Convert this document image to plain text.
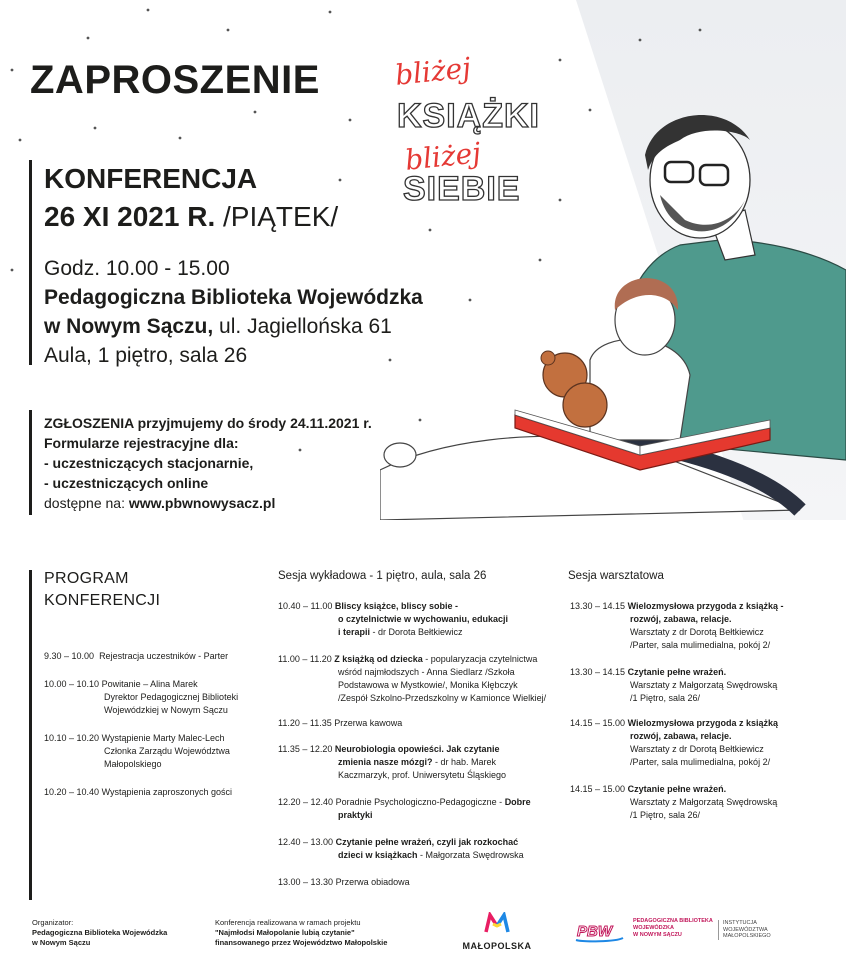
ZAPROSZENIE	bliżej
KSIĄŻKI
bliżej
SIEBIE
KONFERENCJA
26 XI 2021 R. /PIĄTEK/
Godz. 10.00 - 15.00
Pedagogiczna Biblioteka Wojewódzka
w Nowym Sączu, ul. Jagiellońska 61
Aula, 1 piętro, sala 26
ZGŁOSZENIA przyjmujemy do środy 24.11.2021 r.
Formularze rejestracyjne dla:
- uczestniczących stacjonarnie,
- uczestniczących online
dostępne na: www.pbwnowysacz.pl
PROGRAM
KONFERENCJI
9.30 – 10.00 Rejestracja uczestników - Parter
10.00 – 10.10 Powitanie – Alina Marek
Dyrektor Pedagogicznej Biblioteki
Wojewódzkiej w Nowym Sączu
10.10 – 10.20 Wystąpienie Marty Malec-Lech
Członka Zarządu Województwa
Małopolskiego
10.20 – 10.40 Wystąpienia zaproszonych gości
Sesja wykładowa - 1 piętro, aula, sala 26	Sesja warsztatowa
10.40 – 11.00 Bliscy książce, bliscy sobie -
o czytelnictwie w wychowaniu, edukacji
i terapii - dr Dorota Bełtkiewicz
11.00 – 11.20 Z książką od dziecka - popularyzacja czytelnictwa
wśród najmłodszych - Anna Siedlarz /Szkoła
Podstawowa w Mystkowie/, Monika Kłębczyk
/Zespół Szkolno-Przedszkolny w Kamionce Wielkiej/
11.20 – 11.35 Przerwa kawowa
11.35 – 12.20 Neurobiologia opowieści. Jak czytanie
zmienia nasze mózgi? - dr hab. Marek
Kaczmarzyk, prof. Uniwersytetu Śląskiego
12.20 – 12.40 Poradnie Psychologiczno-Pedagogiczne - Dobre
praktyki
12.40 – 13.00 Czytanie pełne wrażeń, czyli jak rozkochać
dzieci w książkach - Małgorzata Swędrowska
13.00 – 13.30 Przerwa obiadowa
13.30 – 14.15 Wielozmysłowa przygoda z książką -
rozwój, zabawa, relacje.
Warsztaty z dr Dorotą Bełtkiewicz
/Parter, sala mulimedialna, pokój 2/
13.30 – 14.15 Czytanie pełne wrażeń.
Warsztaty z Małgorzatą Swędrowską
/1 Piętro, sala 26/
14.15 – 15.00 Wielozmysłowa przygoda z książką
rozwój, zabawa, relacje.
Warsztaty z dr Dorotą Bełtkiewicz
/Parter, sala mulimedialna, pokój 2/
14.15 – 15.00 Czytanie pełne wrażeń.
Warsztaty z Małgorzatą Swędrowską
/1 Piętro, sala 26/
Organizator:
Pedagogiczna Biblioteka Wojewódzka
w Nowym Sączu
Konferencja realizowana w ramach projektu
"Najmłodsi Małopolanie lubią czytanie"
finansowanego przez Województwo Małopolskie	MAŁOPOLSKA
PBW
PEDAGOGICZNA BIBLIOTEKA
WOJEWÓDZKA
W NOWYM SĄCZU
INSTYTUCJA
WOJEWÓDZTWA
MAŁOPOLSKIEGO
